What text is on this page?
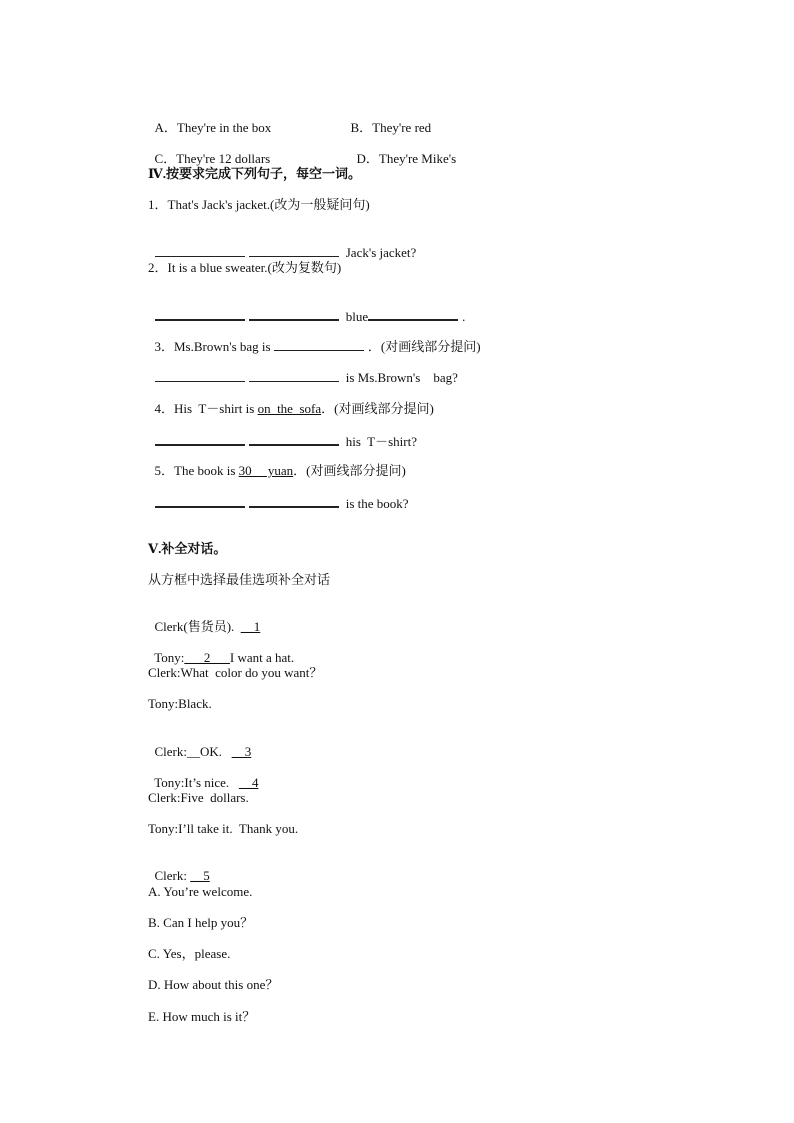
A．They're in the box	B．They're red

C．They're 12 dollars	D．They're Mike's

Ⅳ.按要求完成下列句子，每空一词。
1．That's Jack's jacket.(改为一般疑问句)

Jack's jacket?

2．It is a blue sweater.(改为复数句)

blue	.

3．Ms.Brown's bag is	．(对画线部分提问)

is Ms.Brown's    bag?

4．His  T－shirt is on  the  sofa．(对画线部分提问)

his  T－shirt?

5．The book is 30     yuan．(对画线部分提问)

is the book?

Ⅴ.补全对话。
从方框中选择最佳选项补全对话

Clerk(售货员).  __1

Tony:___2___I want a hat.

Clerk:What  color do you want？
Tony:Black.

Clerk:__OK.   __3

Tony:It’s nice.   __4

Clerk:Five  dollars.
Tony:I’ll take it.  Thank you.

Clerk: __5

A. You’re welcome.
B. Can I help you？
C. Yes，please.
D. How about this one？
E. How much is it？
